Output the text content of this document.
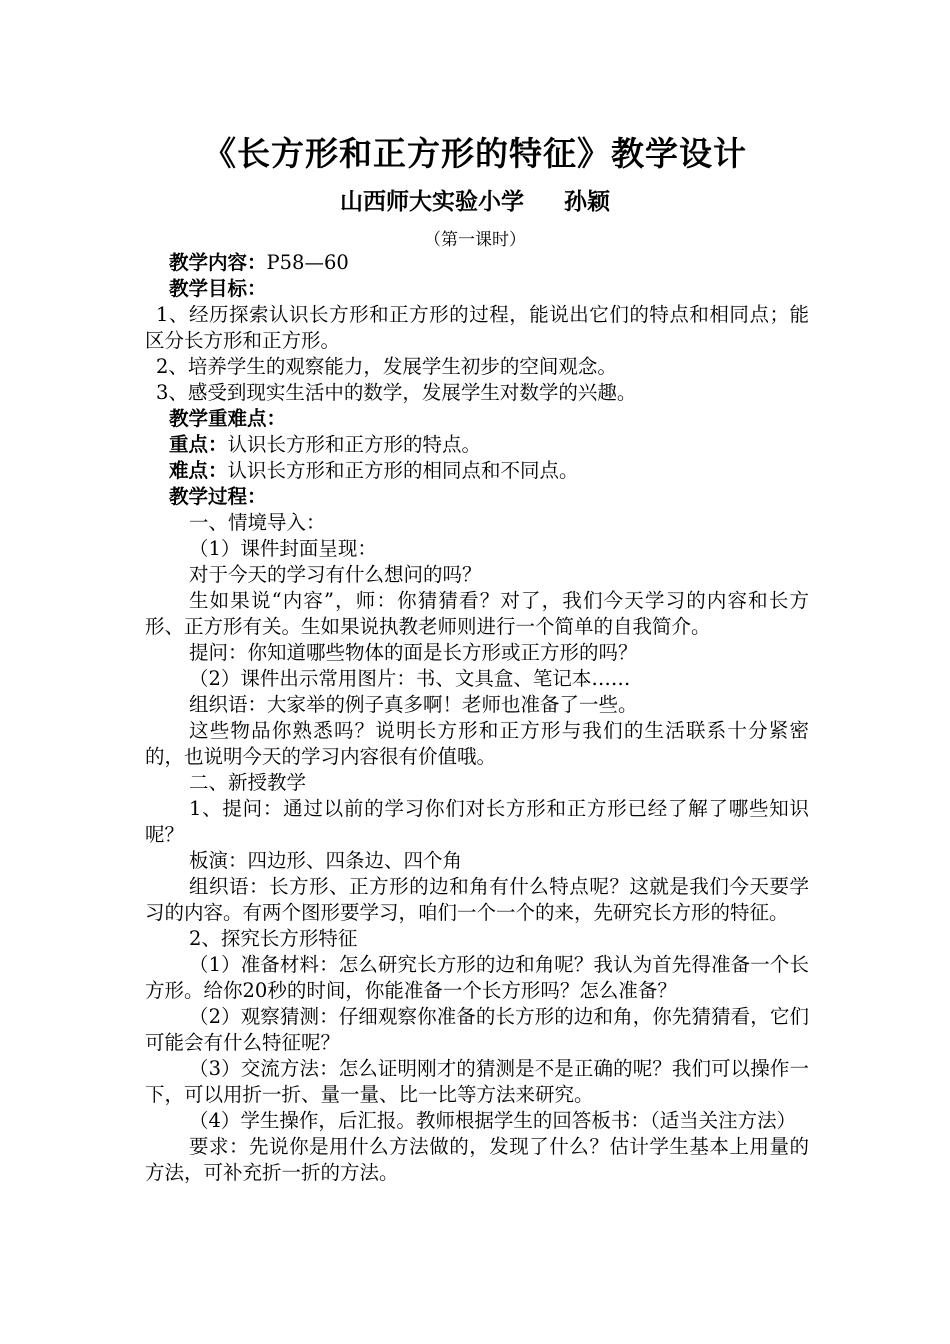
《长方形和正方形的特征》教学设计
山西师大实验小学 孙颖
（第一课时）

教学内容：P58—60

教学目标：

1、经历探索认识长方形和正方形的过程，能说出它们的特点和相同点；能区分长方形和正方形。

2、培养学生的观察能力，发展学生初步的空间观念。

3、感受到现实生活中的数学，发展学生对数学的兴趣。

教学重难点：

重点：认识长方形和正方形的特点。

难点：认识长方形和正方形的相同点和不同点。

教学过程：

一、情境导入：

（1）课件封面呈现：

对于今天的学习有什么想问的吗？

生如果说“内容”，师：你猜猜看？对了，我们今天学习的内容和长方形、正方形有关。生如果说执教老师则进行一个简单的自我简介。

提问：你知道哪些物体的面是长方形或正方形的吗？

（2）课件出示常用图片：书、文具盒、笔记本……

组织语：大家举的例子真多啊！老师也准备了一些。

这些物品你熟悉吗？说明长方形和正方形与我们的生活联系十分紧密的，也说明今天的学习内容很有价值哦。

二、新授教学

1、提问：通过以前的学习你们对长方形和正方形已经了解了哪些知识呢？

板演：四边形、四条边、四个角

组织语：长方形、正方形的边和角有什么特点呢？这就是我们今天要学习的内容。有两个图形要学习，咱们一个一个的来，先研究长方形的特征。

2、探究长方形特征

（1）准备材料：怎么研究长方形的边和角呢？我认为首先得准备一个长方形。给你20秒的时间，你能准备一个长方形吗？怎么准备？

（2）观察猜测：仔细观察你准备的长方形的边和角，你先猜猜看，它们可能会有什么特征呢？

（3）交流方法：怎么证明刚才的猜测是不是正确的呢？我们可以操作一下，可以用折一折、量一量、比一比等方法来研究。

（4）学生操作，后汇报。教师根据学生的回答板书：（适当关注方法）

要求：先说你是用什么方法做的，发现了什么？估计学生基本上用量的方法，可补充折一折的方法。
